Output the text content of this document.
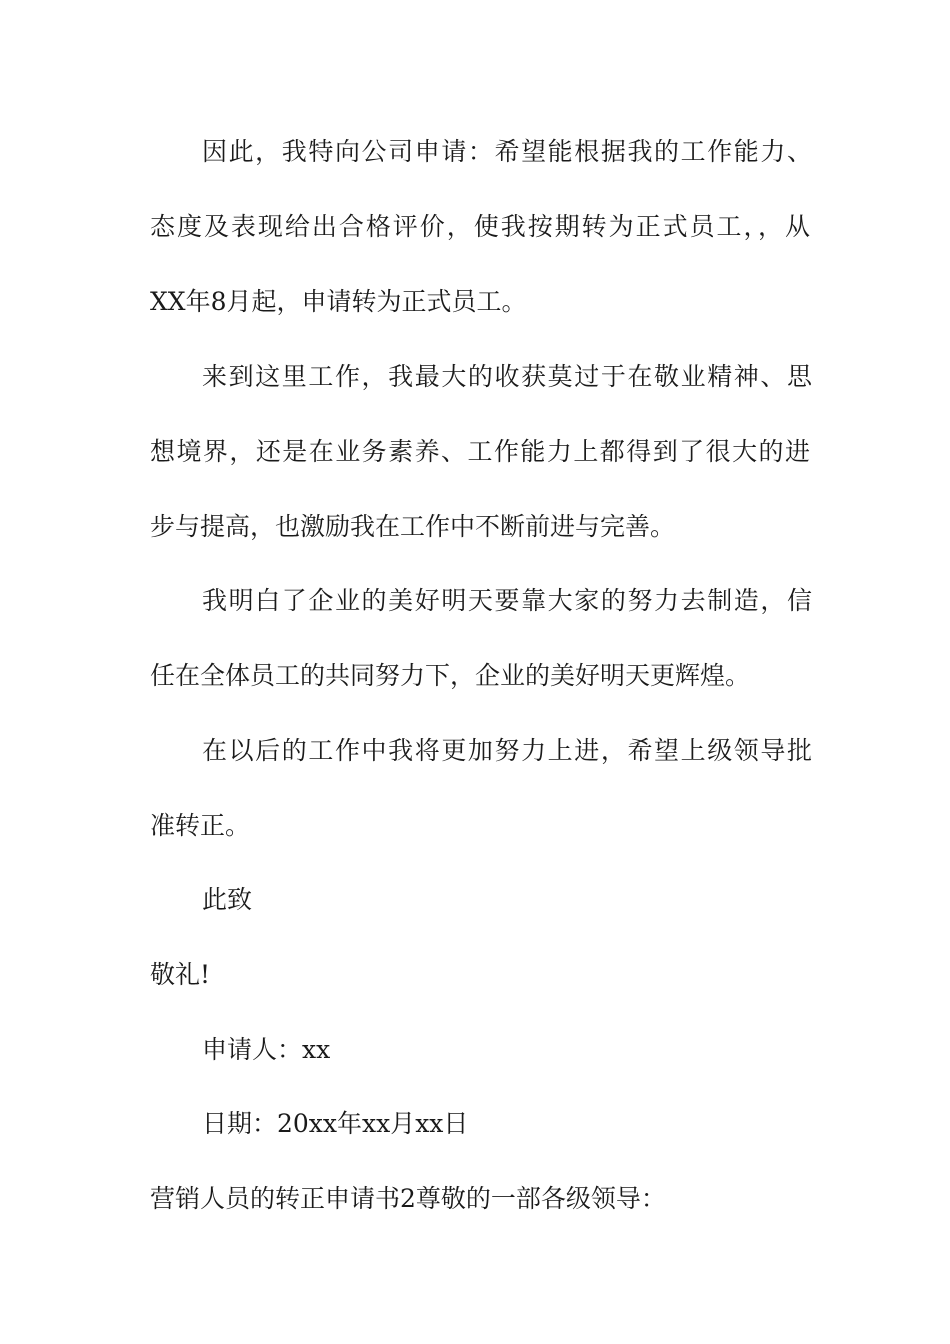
因此，我特向公司申请：希望能根据我的工作能力、
态度及表现给出合格评价，使我按期转为正式员工，，从
XX年8月起，申请转为正式员工。
来到这里工作，我最大的收获莫过于在敬业精神、思
想境界，还是在业务素养、工作能力上都得到了很大的进
步与提高，也激励我在工作中不断前进与完善。
我明白了企业的美好明天要靠大家的努力去制造，信
任在全体员工的共同努力下，企业的美好明天更辉煌。
在以后的工作中我将更加努力上进，希望上级领导批
准转正。
此致
敬礼!
申请人：xx
日期：20xx年xx月xx日
营销人员的转正申请书2尊敬的一部各级领导：
